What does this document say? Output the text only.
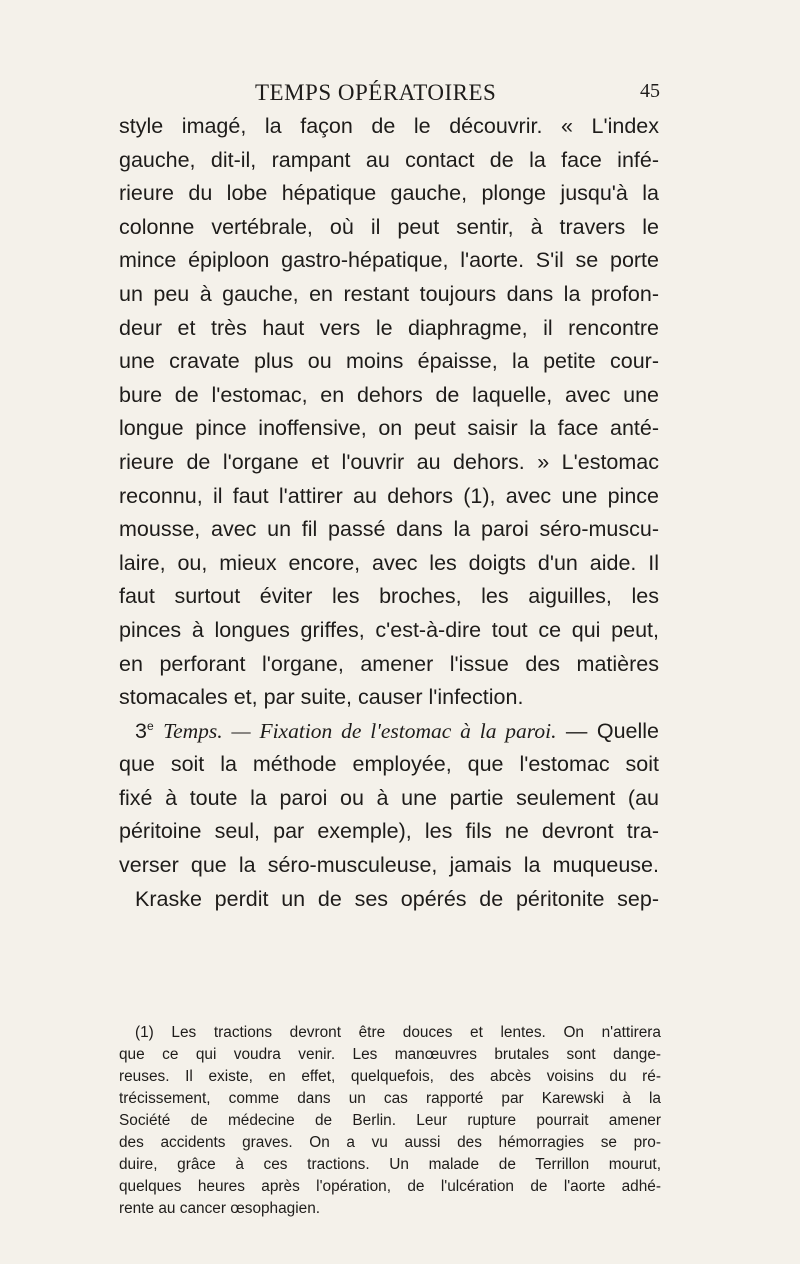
TEMPS OPÉRATOIRES	45
style imagé, la façon de le découvrir. « L'index
gauche, dit-il, rampant au contact de la face infé-
rieure du lobe hépatique gauche, plonge jusqu'à la
colonne vertébrale, où il peut sentir, à travers le
mince épiploon gastro-hépatique, l'aorte. S'il se porte
un peu à gauche, en restant toujours dans la profon-
deur et très haut vers le diaphragme, il rencontre
une cravate plus ou moins épaisse, la petite cour-
bure de l'estomac, en dehors de laquelle, avec une
longue pince inoffensive, on peut saisir la face anté-
rieure de l'organe et l'ouvrir au dehors. » L'estomac
reconnu, il faut l'attirer au dehors (1), avec une pince
mousse, avec un fil passé dans la paroi séro-muscu-
laire, ou, mieux encore, avec les doigts d'un aide. Il
faut surtout éviter les broches, les aiguilles, les
pinces à longues griffes, c'est-à-dire tout ce qui peut,
en perforant l'organe, amener l'issue des matières
stomacales et, par suite, causer l'infection.
3e Temps. — Fixation de l'estomac à la paroi. — Quelle
que soit la méthode employée, que l'estomac soit
fixé à toute la paroi ou à une partie seulement (au
péritoine seul, par exemple), les fils ne devront tra-
verser que la séro-musculeuse, jamais la muqueuse.
Kraske perdit un de ses opérés de péritonite sep-
(1) Les tractions devront être douces et lentes. On n'attirera
que ce qui voudra venir. Les manœuvres brutales sont dange-
reuses. Il existe, en effet, quelquefois, des abcès voisins du ré-
trécissement, comme dans un cas rapporté par Karewski à la
Société de médecine de Berlin. Leur rupture pourrait amener
des accidents graves. On a vu aussi des hémorragies se pro-
duire, grâce à ces tractions. Un malade de Terrillon mourut,
quelques heures après l'opération, de l'ulcération de l'aorte adhé-
rente au cancer œsophagien.
